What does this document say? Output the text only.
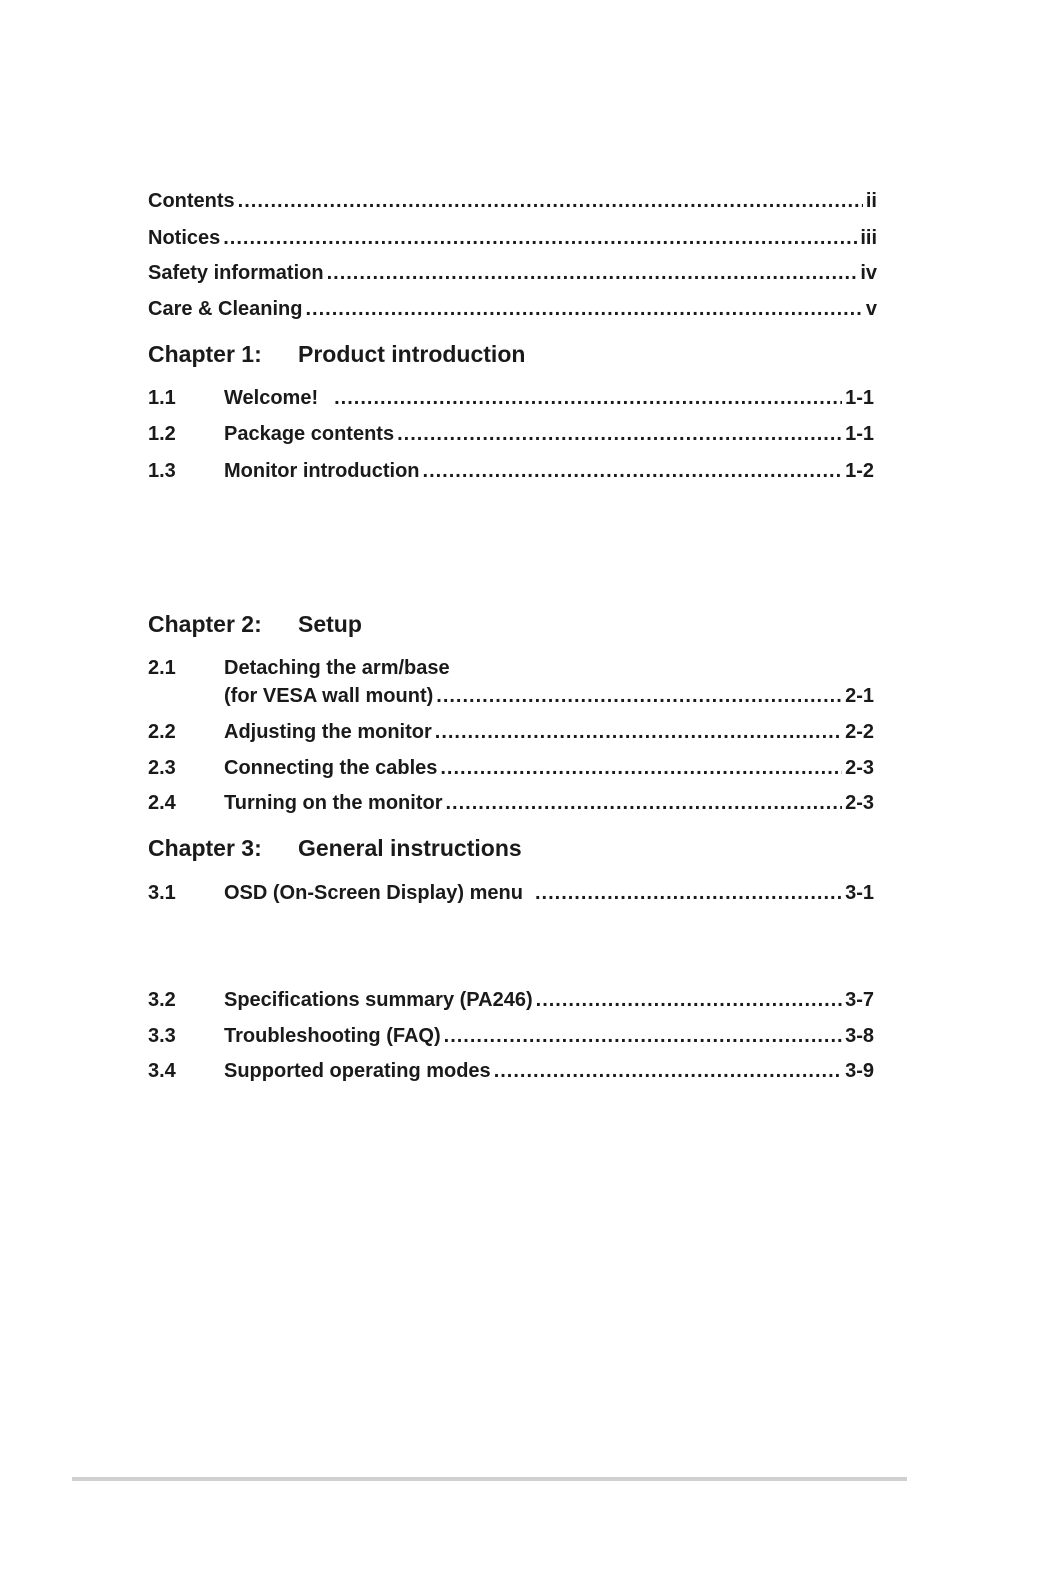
Contents .....	ii
Notices .....	iii
Safety information .....	iv
Care & Cleaning .....	v
Chapter 1:	Product introduction
1.1	Welcome! .....	1-1
1.2	Package contents .....	1-1
1.3	Monitor introduction .....	1-2
Chapter 2:	Setup
2.1	Detaching the arm/base
(for VESA wall mount) .....	2-1
2.2	Adjusting the monitor .....	2-2
2.3	Connecting the cables .....	2-3
2.4	Turning on the monitor .....	2-3
Chapter 3:	General instructions
3.1	OSD (On-Screen Display) menu .....	3-1
3.2	Specifications summary (PA246) .....	3-7
3.3	Troubleshooting (FAQ) .....	3-8
3.4	Supported operating modes .....	3-9
